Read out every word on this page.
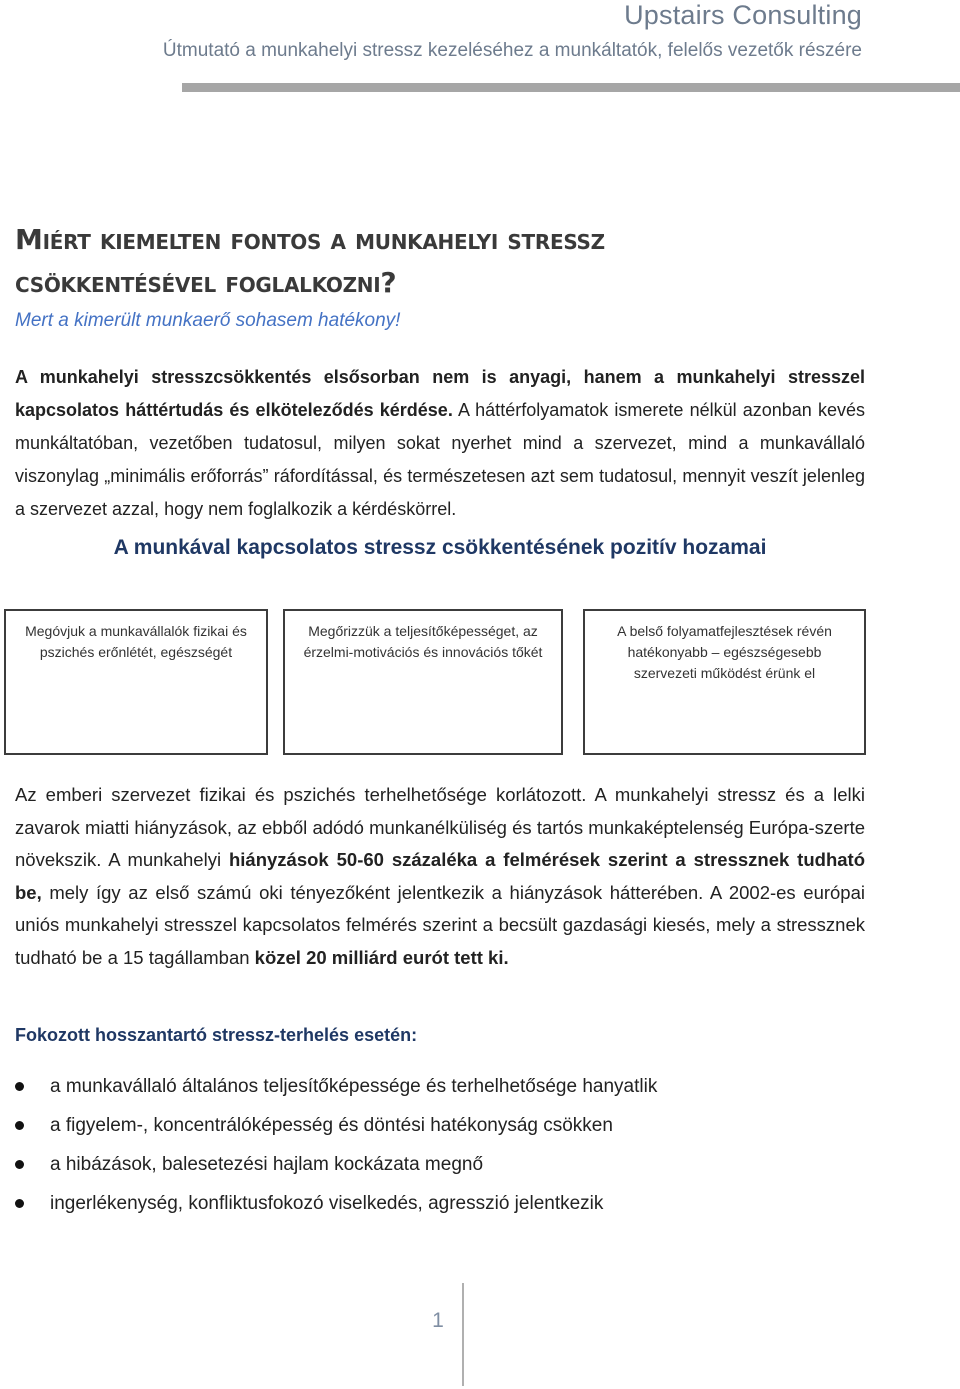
Upstairs Consulting
Útmutató a munkahelyi stressz kezeléséhez a munkáltatók, felelős vezetők részére
Miért kiemelten fontos a munkahelyi stressz
csökkentésével foglalkozni?
Mert a kimerült munkaerő sohasem hatékony!

A munkahelyi stresszcsökkentés elsősorban nem is anyagi, hanem a munkahelyi stresszel kapcsolatos háttértudás és elköteleződés kérdése. A háttérfolyamatok ismerete nélkül azonban kevés munkáltatóban, vezetőben tudatosul, milyen sokat nyerhet mind a szervezet, mind a munkavállaló viszonylag „minimális erőforrás” ráfordítással, és természetesen azt sem tudatosul, mennyit veszít jelenleg a szervezet azzal, hogy nem foglalkozik a kérdéskörrel.

A munkával kapcsolatos stressz csökkentésének pozitív hozamai
Megóvjuk a munkavállalók fizikai és pszichés erőnlétét, egészségét
Megőrizzük a teljesítőképességet, az érzelmi-motivációs és innovációs tőkét
A belső folyamatfejlesztések révén hatékonyabb – egészségesebb szervezeti működést érünk el

Az emberi szervezet fizikai és pszichés terhelhetősége korlátozott. A munkahelyi stressz és a lelki zavarok miatti hiányzások, az ebből adódó munkanélküliség és tartós munkaképtelenség Európa-szerte növekszik. A munkahelyi hiányzások 50-60 százaléka a felmérések szerint a stressznek tudható be, mely így az első számú oki tényezőként jelentkezik a hiányzások hátterében. A 2002-es európai uniós munkahelyi stresszel kapcsolatos felmérés szerint a becsült gazdasági kiesés, mely a stressznek tudható be a 15 tagállamban közel 20 milliárd eurót tett ki.

Fokozott hosszantartó stressz-terhelés esetén:
a munkavállaló általános teljesítőképessége és terhelhetősége hanyatlik
a figyelem-, koncentrálóképesség és döntési hatékonyság csökken
a hibázások, balesetezési hajlam kockázata megnő
ingerlékenység, konfliktusfokozó viselkedés, agresszió jelentkezik
1
